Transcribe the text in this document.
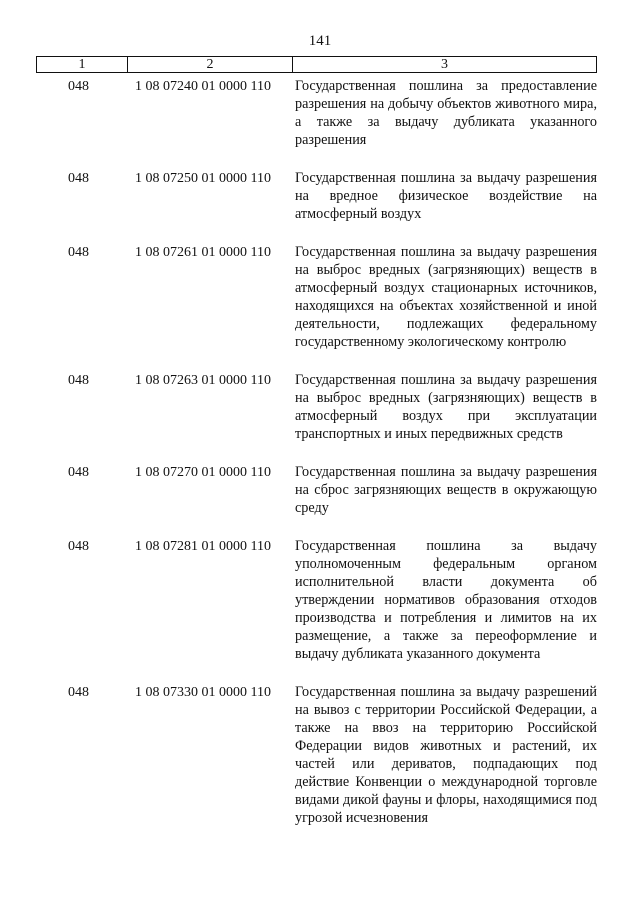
141
1	2	3
048	1 08 07240 01 0000 110	Государственная пошлина за предоставление разрешения на добычу объектов животного мира, а также за выдачу дубликата указанного разрешения
048	1 08 07250 01 0000 110	Государственная пошлина за выдачу разрешения на вредное физическое воздействие на атмосферный воздух
048	1 08 07261 01 0000 110	Государственная пошлина за выдачу разрешения на выброс вредных (загрязняющих) веществ в атмосферный воздух стационарных источников, находящихся на объектах хозяйственной и иной деятельности, подлежащих федеральному государственному экологическому контролю
048	1 08 07263 01 0000 110	Государственная пошлина за выдачу разрешения на выброс вредных (загрязняющих) веществ в атмосферный воздух при эксплуатации транспортных и иных передвижных средств
048	1 08 07270 01 0000 110	Государственная пошлина за выдачу разрешения на сброс загрязняющих веществ в окружающую среду
048	1 08 07281 01 0000 110	Государственная пошлина за выдачу уполномоченным федеральным органом исполнительной власти документа об утверждении нормативов образования отходов производства и потребления и лимитов на их размещение, а также за переоформление и выдачу дубликата указанного документа
048	1 08 07330 01 0000 110	Государственная пошлина за выдачу разрешений на вывоз с территории Российской Федерации, а также на ввоз на территорию Российской Федерации видов животных и растений, их частей или дериватов, подпадающих под действие Конвенции о международной торговле видами дикой фауны и флоры, находящимися под угрозой исчезновения
